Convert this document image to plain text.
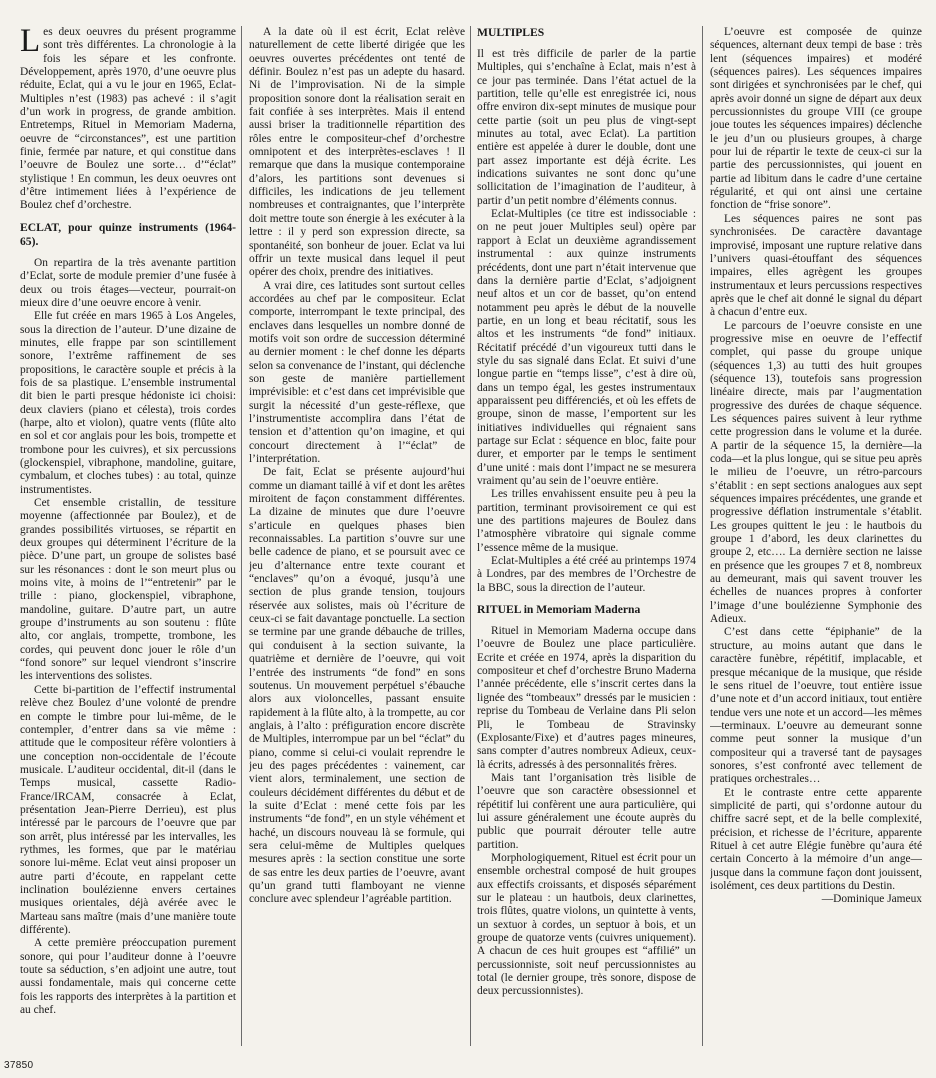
Les deux oeuvres du présent programme sont très différentes. La chronologie à la fois les sépare et les confronte. Développement, après 1970, d’une oeuvre plus réduite, Eclat, qui a vu le jour en 1965, Eclat-Multiples n’est (1983) pas achevé : il s’agit d’un work in progress, de grande ambition. Entretemps, Rituel in Memoriam Maderna, oeuvre de “circonstances”, est une partition finie, fermée par nature, et qui constitue dans l’oeuvre de Boulez une sorte… d’“éclat” stylistique ! En commun, les deux oeuvres ont d’être intimement liées à l’expérience de Boulez chef d’orchestre.

ECLAT, pour quinze instruments (1964-65).

On repartira de la très avenante partition d’Eclat, sorte de module premier d’une fusée à deux ou trois étages—vecteur, pourrait-on mieux dire d’une oeuvre encore à venir.

Elle fut créée en mars 1965 à Los Angeles, sous la direction de l’auteur. D’une dizaine de minutes, elle frappe par son scintillement sonore, l’extrême raffinement de ses propositions, le caractère souple et précis à la fois de sa plastique. L’ensemble instrumental dit bien le parti presque hédoniste ici choisi: deux claviers (piano et célesta), trois cordes (harpe, alto et violon), quatre vents (flûte alto en sol et cor anglais pour les bois, trompette et trombone pour les cuivres), et six percussions (glockenspiel, vibraphone, mandoline, guitare, cymbalum, et cloches tubes) : au total, quinze instrumentistes.

Cet ensemble cristallin, de tessiture moyenne (affectionnée par Boulez), et de grandes possibilités virtuoses, se répartit en deux groupes qui déterminent l’écriture de la pièce. D’une part, un groupe de solistes basé sur les résonances : dont le son meurt plus ou moins vite, à moins de l’“entretenir” par le trille : piano, glockenspiel, vibraphone, mandoline, guitare. D’autre part, un autre groupe d’instruments au son soutenu : flûte alto, cor anglais, trompette, trombone, les cordes, qui peuvent donc jouer le rôle d’un “fond sonore” sur lequel viendront s’inscrire les interventions des solistes.

Cette bi-partition de l’effectif instrumental relève chez Boulez d’une volonté de prendre en compte le timbre pour lui-même, de le contempler, d’entrer dans sa vie même : attitude que le compositeur réfère volontiers à une conception non-occidentale de l’écoute musicale. L’auditeur occidental, dit-il (dans le Temps musical, cassette Radio-France/IRCAM, consacrée à Eclat, présentation Jean-Pierre Derrieu), est plus intéressé par le parcours de l’oeuvre que par son arrêt, plus intéressé par les intervalles, les rythmes, les formes, que par le matériau sonore lui-même. Eclat veut ainsi proposer un autre parti d’écoute, en rappelant cette inclination boulézienne envers certaines musiques orientales, déjà avérée avec le Marteau sans maître (mais d’une manière toute différente).

A cette première préoccupation purement sonore, qui pour l’auditeur donne à l’oeuvre toute sa séduction, s’en adjoint une autre, tout aussi fondamentale, mais qui concerne cette fois les rapports des interprètes à la partition et au chef.

A la date où il est écrit, Eclat relève naturellement de cette liberté dirigée que les oeuvres ouvertes précédentes ont tenté de définir. Boulez n’est pas un adepte du hasard. Ni de l’improvisation. Ni de la simple proposition sonore dont la réalisation serait en fait confiée à ses interprètes. Mais il entend aussi briser la traditionnelle répartition des rôles entre le compositeur-chef d’orchestre omnipotent et des interprètes-esclaves ! Il remarque que dans la musique contemporaine d’alors, les partitions sont devenues si difficiles, les indications de jeu tellement nombreuses et contraignantes, que l’interprète doit mettre toute son énergie à les exécuter à la lettre : il y perd son expression directe, sa spontanéité, son bonheur de jouer. Eclat va lui offrir un texte musical dans lequel il peut opérer des choix, prendre des initiatives.

A vrai dire, ces latitudes sont surtout celles accordées au chef par le compositeur. Eclat comporte, interrompant le texte principal, des enclaves dans lesquelles un nombre donné de motifs voit son ordre de succession déterminé au dernier moment : le chef donne les départs selon sa convenance de l’instant, qui déclenche son geste de manière partiellement imprévisible: et c’est dans cet imprévisible que surgit la nécessité d’un geste-réflexe, que l’instrumentiste accomplira dans l’état de tension et d’attention qu’on imagine, et qui concourt directement à l’“éclat” de l’interprétation.

De fait, Eclat se présente aujourd’hui comme un diamant taillé à vif et dont les arêtes miroitent de façon constamment différentes. La dizaine de minutes que dure l’oeuvre s’articule en quelques phases bien reconnaissables. La partition s’ouvre sur une belle cadence de piano, et se poursuit avec ce jeu d’alternance entre texte courant et “enclaves” qu’on a évoqué, jusqu’à une section de plus grande tension, toujours réservée aux solistes, mais où l’écriture de ceux-ci se fait davantage ponctuelle. La section se termine par une grande débauche de trilles, qui conduisent à la section suivante, la quatrième et dernière de l’oeuvre, qui voit l’entrée des instruments “de fond” en sons soutenus. Un mouvement perpétuel s’ébauche alors aux violoncelles, passant ensuite rapidement à la flûte alto, à la trompette, au cor anglais, à l’alto : préfiguration encore discrète de Multiples, interrompue par un bel “éclat” du piano, comme si celui-ci voulait reprendre le jeu des pages précédentes : vainement, car vient alors, terminalement, une section de couleurs décidément différentes du début et de la suite d’Eclat : mené cette fois par les instruments “de fond”, en un style véhément et haché, un discours nouveau là se formule, qui sera celui-même de Multiples quelques mesures après : la section constitue une sorte de sas entre les deux parties de l’oeuvre, avant qu’un grand tutti flamboyant ne vienne conclure avec splendeur l’agréable partition.

MULTIPLES

Il est très difficile de parler de la partie Multiples, qui s’enchaîne à Eclat, mais n’est à ce jour pas terminée. Dans l’état actuel de la partition, telle qu’elle est enregistrée ici, nous offre environ dix-sept minutes de musique pour cette partie (soit un peu plus de vingt-sept minutes au total, avec Eclat). La partition entière est appelée à durer le double, dont une part assez importante est déjà écrite. Les indications suivantes ne sont donc qu’une sollicitation de l’imagination de l’auditeur, à partir d’un petit nombre d’éléments connus.

Eclat-Multiples (ce titre est indissociable : on ne peut jouer Multiples seul) opère par rapport à Eclat un deuxième agrandissement instrumental : aux quinze instruments précédents, dont une part n’était intervenue que dans la dernière partie d’Eclat, s’adjoignent neuf altos et un cor de basset, qu’on entend notamment peu après le début de la nouvelle partie, en un long et beau récitatif, sous les altos et les instruments “de fond” initiaux. Récitatif précédé d’un vigoureux tutti dans le style du sas signalé dans Eclat. Et suivi d’une longue partie en “temps lisse”, c’est à dire où, dans un tempo égal, les gestes instrumentaux apparaissent peu différenciés, et où les effets de groupe, sinon de masse, l’emportent sur les initiatives individuelles qui régnaient sans partage sur Eclat : séquence en bloc, faite pour durer, et emporter par le temps le sentiment d’une unité : mais dont l’impact ne se mesurera vraiment qu’au sein de l’oeuvre entière.

Les trilles envahissent ensuite peu à peu la partition, terminant provisoirement ce qui est une des partitions majeures de Boulez dans l’atmosphère vibratoire qui signale comme l’essence même de la musique.

Eclat-Multiples a été créé au printemps 1974 à Londres, par des membres de l’Orchestre de la BBC, sous la direction de l’auteur.

RITUEL in Memoriam Maderna

Rituel in Memoriam Maderna occupe dans l’oeuvre de Boulez une place particulière. Ecrite et créée en 1974, après la disparition du compositeur et chef d’orchestre Bruno Maderna l’année précédente, elle s’inscrit certes dans la lignée des “tombeaux” dressés par le musicien : reprise du Tombeau de Verlaine dans Pli selon Pli, le Tombeau de Stravinsky (Explosante/Fixe) et d’autres pages mineures, sans compter d’autres nombreux Adieux, ceux-là écrits, adressés à des personnalités frères.

Mais tant l’organisation très lisible de l’oeuvre que son caractère obsessionnel et répétitif lui confèrent une aura particulière, qui lui assure généralement une écoute auprès du public que pourrait dérouter telle autre partition.

Morphologiquement, Rituel est écrit pour un ensemble orchestral composé de huit groupes aux effectifs croissants, et disposés séparément sur le plateau : un hautbois, deux clarinettes, trois flûtes, quatre violons, un quintette à vents, un sextuor à cordes, un septuor à bois, et un groupe de quatorze vents (cuivres uniquement). A chacun de ces huit groupes est “affilié” un percussionniste, soit neuf percussionnistes au total (le dernier groupe, très sonore, dispose de deux percussionnistes).

L’oeuvre est composée de quinze séquences, alternant deux tempi de base : très lent (séquences impaires) et modéré (séquences paires). Les séquences impaires sont dirigées et synchronisées par le chef, qui après avoir donné un signe de départ aux deux percussionnistes du groupe VIII (ce groupe joue toutes les séquences impaires) déclenche le jeu d’un ou plusieurs groupes, à charge pour lui de répartir le texte de ceux-ci sur la partie des percussionnistes, qui jouent en partie ad libitum dans le cadre d’une certaine régularité, et qui ont ainsi une certaine fonction de “frise sonore”.

Les séquences paires ne sont pas synchronisées. De caractère davantage improvisé, imposant une rupture relative dans l’univers quasi-étouffant des séquences impaires, elles agrègent les groupes instrumentaux et leurs percussions respectives après que le chef ait donné le signal du départ à chacun d’entre eux.

Le parcours de l’oeuvre consiste en une progressive mise en oeuvre de l’effectif complet, qui passe du groupe unique (séquences 1,3) au tutti des huit groupes (séquence 13), toutefois sans progression linéaire directe, mais par l’augmentation progressive des durées de chaque séquence. Les séquences paires suivent à leur rythme cette progression dans le volume et la durée. A partir de la séquence 15, la dernière—la coda—et la plus longue, qui se situe peu après le milieu de l’oeuvre, un rétro-parcours s’établit : en sept sections analogues aux sept séquences impaires précédentes, une grande et progressive déflation instrumentale s’établit. Les groupes quittent le jeu : le hautbois du groupe 1 d’abord, les deux clarinettes du groupe 2, etc…. La dernière section ne laisse en présence que les groupes 7 et 8, nombreux au demeurant, mais qui savent trouver les échelles de nuances propres à conforter l’image d’une boulézienne Symphonie des Adieux.

C’est dans cette “épiphanie” de la structure, au moins autant que dans le caractère funèbre, répétitif, implacable, et presque mécanique de la musique, que réside le sens rituel de l’oeuvre, tout entière issue d’une note et d’un accord initiaux, tout entière tendue vers une note et un accord—les mêmes—terminaux. L’oeuvre au demeurant sonne comme peut sonner la musique d’un compositeur qui a traversé tant de paysages sonores, s’est confronté avec tellement de pratiques orchestrales…

Et le contraste entre cette apparente simplicité de parti, qui s’ordonne autour du chiffre sacré sept, et de la belle complexité, précision, et richesse de l’écriture, apparente Rituel à cet autre Elégie funèbre qu’aura été certain Concerto à la mémoire d’un ange—jusque dans la commune façon dont jouissent, isolément, ces deux partitions du Destin.

—Dominique Jameux

37850
